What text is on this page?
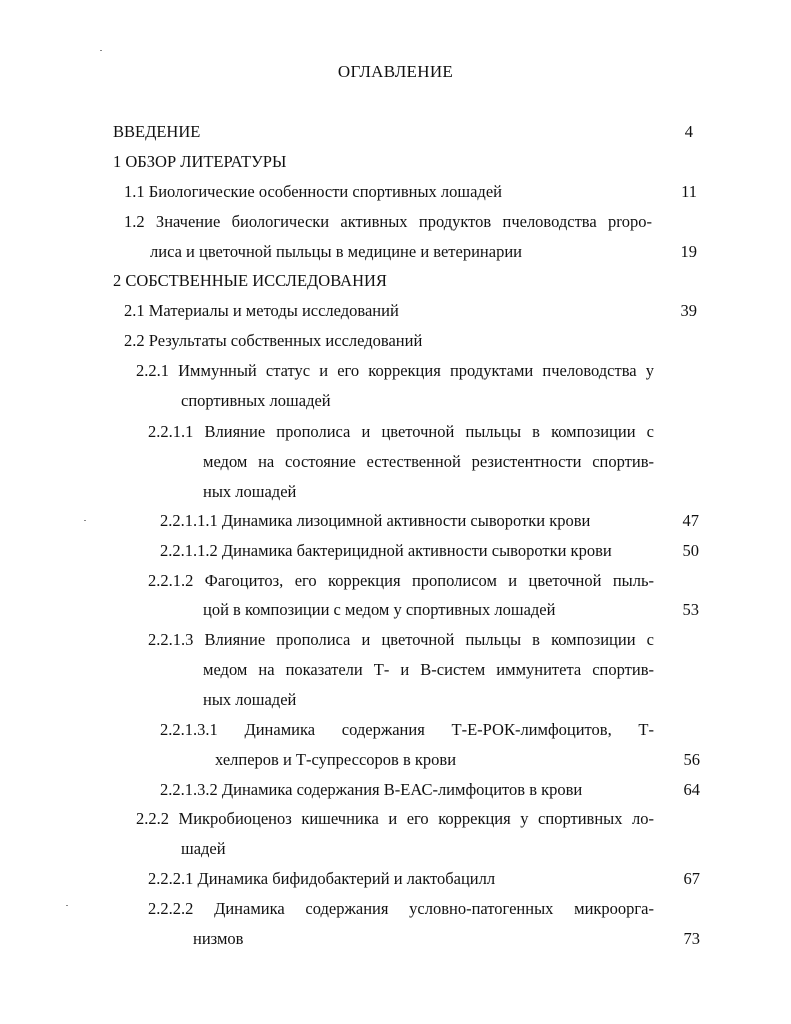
ОГЛАВЛЕНИЕ
ВВЕДЕНИЕ	4
1 ОБЗОР ЛИТЕРАТУРЫ
1.1 Биологические особенности спортивных лошадей	11
1.2 Значение биологически активных продуктов пчеловодства propo-
лиса и цветочной пыльцы в медицине и ветеринарии	19
2 СОБСТВЕННЫЕ ИССЛЕДОВАНИЯ
2.1 Материалы и методы исследований	39
2.2 Результаты собственных исследований
2.2.1 Иммунный статус и его коррекция продуктами пчеловодства у
спортивных лошадей
2.2.1.1 Влияние прополиса и цветочной пыльцы в композиции с
медом на состояние естественной резистентности спортив-
ных лошадей
2.2.1.1.1 Динамика лизоцимной активности сыворотки крови	47
2.2.1.1.2 Динамика бактерицидной активности сыворотки крови	50
2.2.1.2 Фагоцитоз, его коррекция прополисом и цветочной пыль-
цой в композиции с медом у спортивных лошадей	53
2.2.1.3 Влияние прополиса и цветочной пыльцы в композиции с
медом на показатели Т- и В-систем иммунитета спортив-
ных лошадей
2.2.1.3.1 Динамика содержания Т-Е-РОК-лимфоцитов, Т-
хелперов и Т-супрессоров в крови	56
2.2.1.3.2 Динамика содержания В-ЕАС-лимфоцитов в крови	64
2.2.2 Микробиоценоз кишечника и его коррекция у спортивных ло-
шадей
2.2.2.1 Динамика бифидобактерий и лактобацилл	67
2.2.2.2 Динамика содержания условно-патогенных микроорга-
низмов	73
